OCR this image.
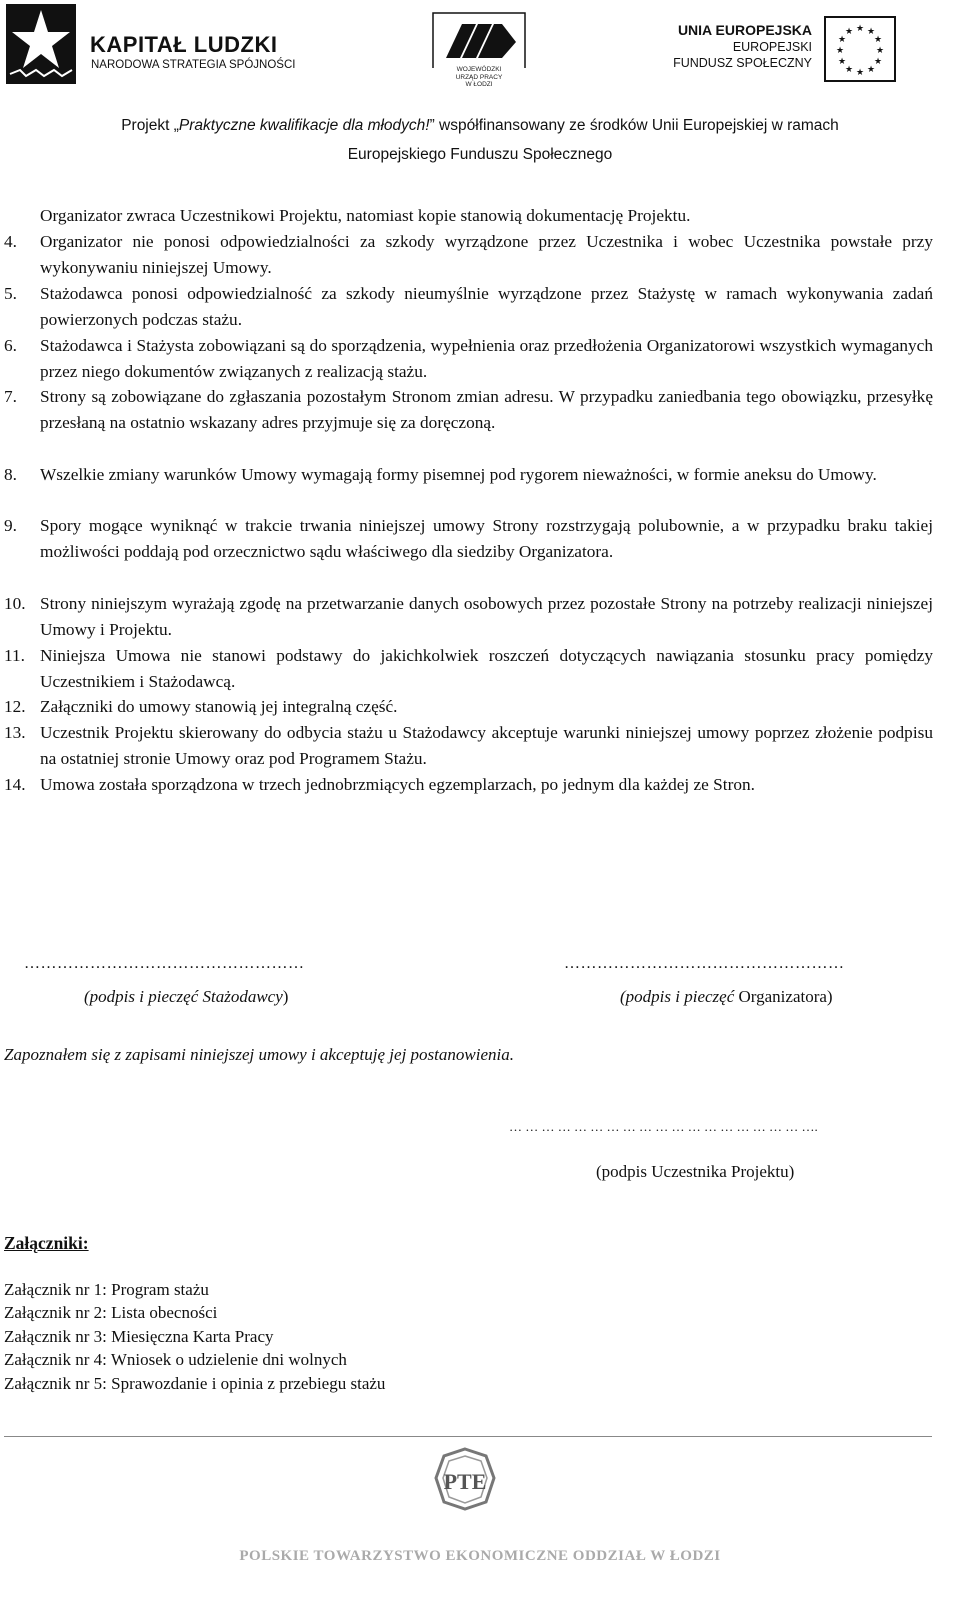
KAPITAŁ LUDZKI
NARODOWA STRATEGIA SPÓJNOŚCI	WOJEWÓDZKI
URZĄD PRACY
W ŁODZI
UNIA EUROPEJSKA
EUROPEJSKI
FUNDUSZ SPOŁECZNY
★ ★
★
★
★
★
★
★
★
★
★
★
Projekt „Praktyczne kwalifikacje dla młodych!” współfinansowany ze środków Unii Europejskiej w ramach
Europejskiego Funduszu Społecznego
Organizator zwraca Uczestnikowi Projektu, natomiast kopie stanowią dokumentację Projektu.
4. Organizator nie ponosi odpowiedzialności za szkody wyrządzone przez Uczestnika i wobec Uczestnika powstałe przy wykonywaniu niniejszej Umowy.
5. Stażodawca ponosi odpowiedzialność za szkody nieumyślnie wyrządzone przez Stażystę w ramach wykonywania zadań powierzonych podczas stażu.
6. Stażodawca i Stażysta zobowiązani są do sporządzenia, wypełnienia oraz przedłożenia Organizatorowi wszystkich wymaganych przez niego dokumentów związanych z realizacją stażu.
7. Strony są zobowiązane do zgłaszania pozostałym Stronom zmian adresu. W przypadku zaniedbania tego obowiązku, przesyłkę przesłaną na ostatnio wskazany adres przyjmuje się za doręczoną.
8. Wszelkie zmiany warunków Umowy wymagają formy pisemnej pod rygorem nieważności, w formie aneksu do Umowy.
9. Spory mogące wyniknąć w trakcie trwania niniejszej umowy Strony rozstrzygają polubownie, a w przypadku braku takiej możliwości poddają pod orzecznictwo sądu właściwego dla siedziby Organizatora.
10. Strony niniejszym wyrażają zgodę na przetwarzanie danych osobowych przez pozostałe Strony na potrzeby realizacji niniejszej Umowy i Projektu.
11. Niniejsza Umowa nie stanowi podstawy do jakichkolwiek roszczeń dotyczących nawiązania stosunku pracy pomiędzy Uczestnikiem i Stażodawcą.
12. Załączniki do umowy stanowią jej integralną część.
13. Uczestnik Projektu skierowany do odbycia stażu u Stażodawcy akceptuje warunki niniejszej umowy poprzez złożenie podpisu na ostatniej stronie Umowy oraz pod Programem Stażu.
14. Umowa została sporządzona w trzech jednobrzmiących egzemplarzach, po jednym dla każdej ze Stron.
……………………………………………
(podpis i pieczęć Stażodawcy)
……………………………………………
(podpis i pieczęć Organizatora)
Zapoznałem się z zapisami niniejszej umowy i akceptuję jej postanowienia.
… … … … … … … … … … … … … … … … … … ….
(podpis Uczestnika Projektu)
Załączniki:
Załącznik nr 1: Program stażu
Załącznik nr 2: Lista obecności
Załącznik nr 3: Miesięczna Karta Pracy
Załącznik nr 4: Wniosek o udzielenie dni wolnych
Załącznik nr 5: Sprawozdanie i opinia z przebiegu stażu
PTE
POLSKIE TOWARZYSTWO EKONOMICZNE ODDZIAŁ W ŁODZI
